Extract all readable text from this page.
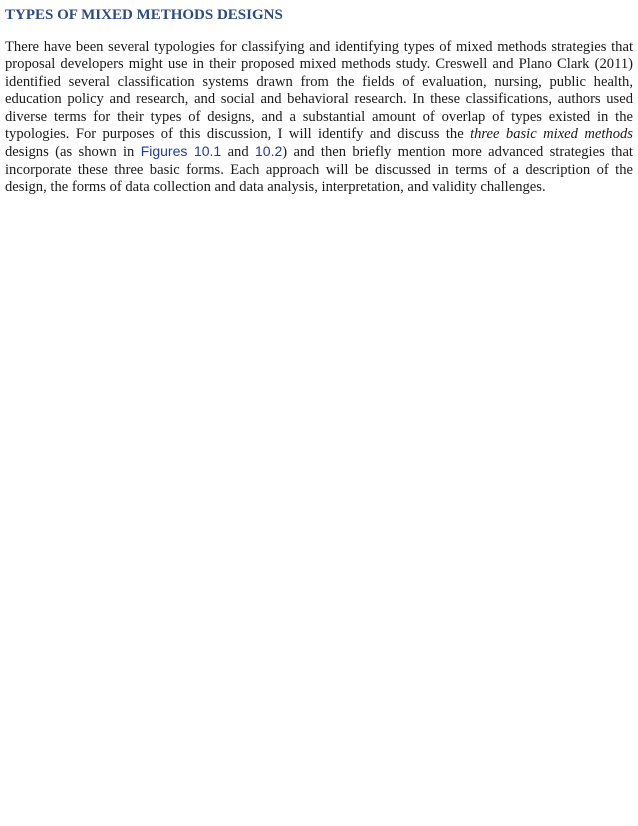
TYPES OF MIXED METHODS DESIGNS

There have been several typologies for classifying and identifying types of mixed methods strategies that proposal developers might use in their proposed mixed methods study. Creswell and Plano Clark (2011) identified several classification systems drawn from the fields of evaluation, nursing, public health, education policy and research, and social and behavioral research. In these classifications, authors used diverse terms for their types of designs, and a substantial amount of overlap of types existed in the typologies. For purposes of this discussion, I will identify and discuss the three basic mixed methods designs (as shown in Figures 10.1 and 10.2) and then briefly mention more advanced strategies that incorporate these three basic forms. Each approach will be discussed in terms of a description of the design, the forms of data collection and data analysis, interpretation, and validity challenges.
